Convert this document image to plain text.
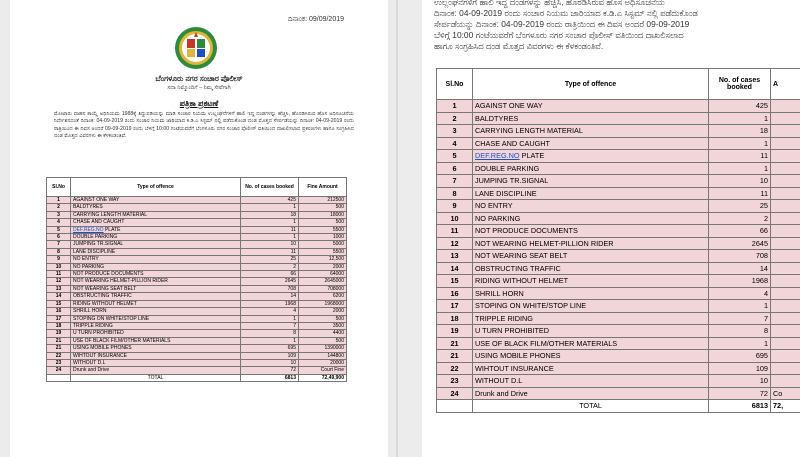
ದಿನಾಂಕ: 09/09/2019
ಬೆಂಗಳೂರು ನಗರ ಸಂಚಾರ ಪೊಲೀಸ್
ಸದಾ ನಿಮ್ಮೊಂದಿಗೆ – ನಿಮ್ಮ ಸೇವೆಗಾಗಿ
ಪತ್ರಿಕಾ ಪ್ರಕಟಣೆ
ಮೋಟಾರು ವಾಹನ ಕಾಯ್ದೆ ಅಧಿನಿಯಮ 1988ಕ್ಕೆ ತಿದ್ದುಪಡಿಯನ್ನು ಮಾಡಿ ಸಂಚಾರ ನಿಯಮ ಉಲ್ಲಂಘನೆಗಳಿಗೆ ಹಾಲಿ ಇದ್ದ ದಂಡಗಳನ್ನು ಹೆಚ್ಚಿಸಿ, ಹೊರಡಿಸಿರುವ ಹೊಸ ಅಧಿಸೂಚನೆಯ ನಿರ್ದೇಶನದಂತೆ ದಿನಾಂಕ: 04-09-2019 ರಂದು ಸಂಚಾರ ನಿಯಮ ಜಾರಿಯಾದ ಕ.ಡಿ.ಎ ಸಿಸ್ಟಮ್ ನಲ್ಲಿ ಪಡೆದುಕೊಂಡ ದಂಡ ಮೊತ್ತದ ಸೇರ್ಪಡೆಯನ್ನು ದಿನಾಂಕ: 04-09-2019 ರಂದು ರಾತ್ರಿಯಿಂದ ಈ ದಿವಸ ಅಂದರೆ 09-09-2019 ರಂದು ಬೆಳಿಗ್ಗೆ 10:00 ಗಂಟೆಯವರೆಗೆ ಬೆಂಗಳೂರು ನಗರ ಸಂಚಾರ ಪೊಲೀಸ್ ವತಿಯಿಂದ ದಾಖಲಿಸಲಾದ ಪ್ರಕರಣಗಳು ಹಾಗೂ ಸಂಗ್ರಹಿಸಿದ ದಂಡ ಮೊತ್ತದ ವಿವರಗಳು ಈ ಕೆಳಕಂಡಂತಿವೆ.
Sl.No	Type of offence	No. of cases booked	Fine Amount
1	AGAINST ONE WAY	425	212500
2	BALDTYRES	1	500
3	CARRYING LENGTH MATERIAL	18	18000
4	CHASE AND CAUGHT	1	500
5	DEF.REG.NO PLATE	11	5500
6	DOUBLE PARKING	1	1000
7	JUMPING TR.SIGNAL	10	5000
8	LANE DISCIPLINE	11	5500
9	NO ENTRY	25	12,500
10	NO PARKING	2	2000
11	NOT PRODUCE DOCUMENTS	66	64000
12	NOT WEARING HELMET-PILLION RIDER	2645	2645000
13	NOT WEARING SEAT BELT	708	708000
14	OBSTRUCTING TRAFFIC	14	6200
15	RIDING WITHOUT HELMET	1968	1968000
16	SHRILL HORN	4	2000
17	STOPING ON WHITE/STOP LINE	1	500
18	TRIPPLE RIDING	7	3500
19	U TURN PROHIBITED	8	4400
21	USE OF BLACK FILM/OTHER MATERIALS	1	500
21	USING MOBILE PHONES	695	1390000
22	WIHTOUT INSURANCE	109	144800
23	WITHOUT D.L	10	20000
24	Drunk and Drive	72	Court Fine
	TOTAL	6813	72,49,900
ಉಲ್ಲಂಘನೆಗಳಿಗೆ ಹಾಲಿ ಇದ್ದ ದಂಡಗಳನ್ನು ಹೆಚ್ಚಿಸಿ, ಹೊರಡಿಸಿರುವ ಹೊಸ ಅಧಿಸೂಚನೆಯ
ದಿನಾಂಕ: 04-09-2019 ರಂದು ಸಂಚಾರ ನಿಯಮ ಜಾರಿಯಾದ ಕ.ಡಿ.ಎ ಸಿಸ್ಟಮ್ ನಲ್ಲಿ ಪಡೆದುಕೊಂಡ
ಸೇರ್ಪಡೆಯನ್ನು ದಿನಾಂಕ: 04-09-2019 ರಂದು ರಾತ್ರಿಯಿಂದ ಈ ದಿವಸ ಅಂದರೆ 09-09-2019
ಬೆಳಿಗ್ಗೆ 10:00 ಗಂಟೆಯವರೆಗೆ ಬೆಂಗಳೂರು ನಗರ ಸಂಚಾರ ಪೊಲೀಸ್ ವತಿಯಿಂದ ದಾಖಲಿಸಲಾದ
ಹಾಗೂ ಸಂಗ್ರಹಿಸಿದ ದಂಡ ಮೊತ್ತದ ವಿವರಗಳು ಈ ಕೆಳಕಂಡಂತಿವೆ.
Sl.No	Type of offence	No. of cases booked	A
1	AGAINST ONE WAY	425	
2	BALDTYRES	1	
3	CARRYING LENGTH MATERIAL	18	
4	CHASE AND CAUGHT	1	
5	DEF.REG.NO PLATE	11	
6	DOUBLE PARKING	1	
7	JUMPING TR.SIGNAL	10	
8	LANE DISCIPLINE	11	
9	NO ENTRY	25	
10	NO PARKING	2	
11	NOT PRODUCE DOCUMENTS	66	
12	NOT WEARING HELMET-PILLION RIDER	2645	
13	NOT WEARING SEAT BELT	708	
14	OBSTRUCTING TRAFFIC	14	
15	RIDING WITHOUT HELMET	1968	
16	SHRILL HORN	4	
17	STOPING ON WHITE/STOP LINE	1	
18	TRIPPLE RIDING	7	
19	U TURN PROHIBITED	8	
21	USE OF BLACK FILM/OTHER MATERIALS	1	
21	USING MOBILE PHONES	695	
22	WIHTOUT INSURANCE	109	
23	WITHOUT D.L	10	
24	Drunk and Drive	72	Co
	TOTAL	6813	72,
